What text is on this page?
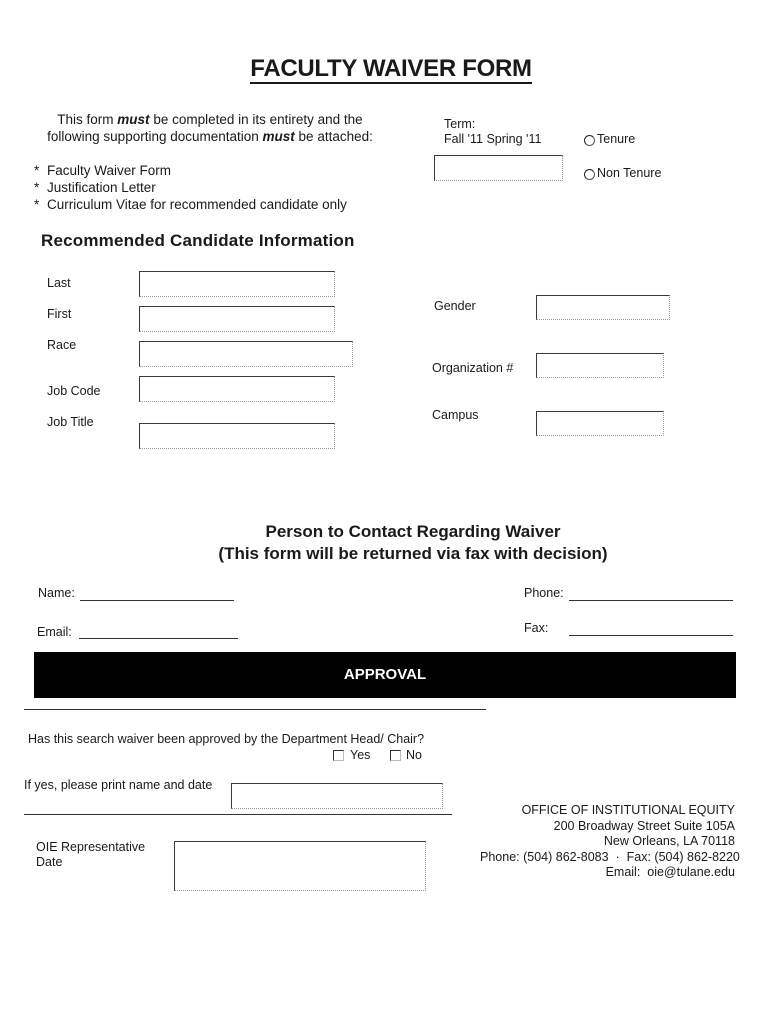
FACULTY WAIVER FORM
This form must be completed in its entirety and the
following supporting documentation must be attached:
* Faculty Waiver Form
* Justification Letter
* Curriculum Vitae for recommended candidate only
Term:
Fall '11 Spring '11	Tenure
Non Tenure
Recommended Candidate Information
Last
First
Race
Job Code
Job Title
Gender
Organization #
Campus
Person to Contact Regarding Waiver
(This form will be returned via fax with decision)
Name:
Email:
Phone:
Fax:
APPROVAL
Has this search waiver been approved by the Department Head/ Chair?
Yes	No
If yes, please print name and date
OIE Representative
Date
OFFICE OF INSTITUTIONAL EQUITY
200 Broadway Street Suite 105A
New Orleans, LA 70118
Phone: (504) 862-8083  ·  Fax: (504) 862-8220
Email:  oie@tulane.edu
